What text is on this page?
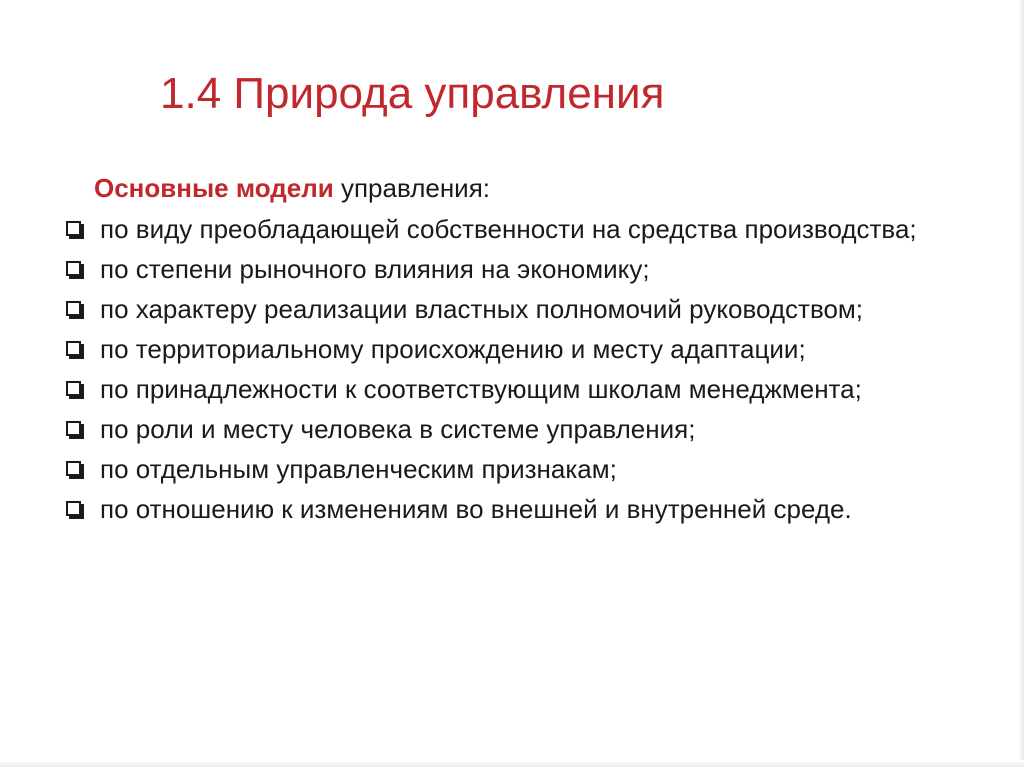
1.4 Природа управления

Основные модели управления:

по виду преобладающей собственности на средства производства;
по степени рыночного влияния на экономику;
по характеру реализации властных полномочий руководством;
по территориальному происхождению и месту адаптации;
по принадлежности к соответствующим школам менеджмента;
по роли и месту человека в системе управления;
по отдельным управленческим признакам;
по отношению к изменениям во внешней и внутренней среде.
